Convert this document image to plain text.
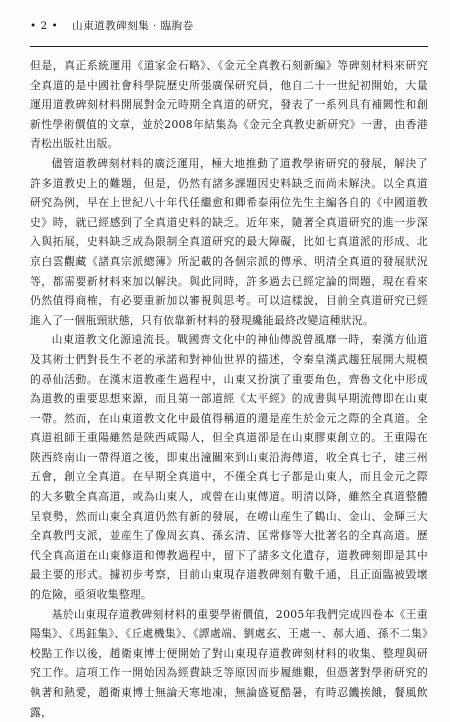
• 2 • 山東道教碑刻集 · 臨朐卷

但是，真正系統運用《道家金石略》、《金元全真教石刻新編》等碑刻材料來研究全真道的是中國社會科學院歷史所張廣保研究員，他自二十一世紀初開始，大量運用道教碑刻材料開展對金元時期全真道的研究，發表了一系列具有補闕性和創新性學術價值的文章，並於2008年結集為《金元全真教史新研究》一書，由香港青松出版社出版。

儘管道教碑刻材料的廣泛運用，極大地推動了道教學術研究的發展，解決了許多道教史上的難題，但是，仍然有諸多課題因史料缺乏而尚未解決。以全真道研究為例，早在上世紀八十年代任繼愈和卿希泰兩位先生主編各自的《中國道教史》時，就已經感到了全真道史料的缺乏。近年來，隨著全真道研究的進一步深入與拓展，史料缺乏成為限制全真道研究的最大障礙，比如七真道派的形成、北京白雲觀藏《諸真宗派總簿》所記載的各個宗派的傳承、明清全真道的發展狀況等，都需要新材料來加以解決。與此同時，許多過去已經定論的問題，現在看來仍然值得商榷，有必要重新加以審視與思考。可以這樣說，目前全真道研究已經進入了一個瓶頸狀態，只有依靠新材料的發現纔能最終改變這種狀況。

山東道教文化源遠流長。戰國齊文化中的神仙傳説曾風靡一時，秦漢方仙道及其術士們對長生不老的承諾和對神仙世界的描述，令秦皇漢武趨狂展開大規模的尋仙活動。在漢末道教產生過程中，山東又扮演了重要角色，齊魯文化中形成為道教的重要思想來源，而且第一部道經《太平經》的成書與早期流傳即在山東一帶。然而，在山東道教文化中最值得稱道的還是産生於金元之際的全真道。全真道祖師王重陽雖然是陝西咸陽人，但全真道卻是在山東膠東創立的。王重陽在陝西終南山一帶得道之後，即東出潼關來到山東沿海傳道，收全真七子，建三州五會，創立全真道。在早期全真道中，不僅全真七子都是山東人，而且金元之際的大多數全真高道，或為山東人，或曾在山東傳道。明清以降，雖然全真道整體呈衰勢，然而山東全真道仍然有新的發展，在嶗山産生了鶴山、金山、金輝三大全真教門支派，並産生了像周玄真、孫玄清、匡常修等大批著名的全真高道。歷代全真高道在山東修道和傳教過程中，留下了諸多文化遺存，道教碑刻即是其中最主要的形式。據初步考察，目前山東現存道教碑刻有數千通，且正面臨被毀壞的危險，亟須收集整理。

基於山東現存道教碑刻材料的重要學術價值，2005年我們完成四卷本《王重陽集》、《馬鈺集》、《丘處機集》、《譚處端、劉處玄、王處一、郝大通、孫不二集》校點工作以後，趙衛東博士便開始了對山東現存道教碑刻材料的收集、整理與研究工作。這項工作一開始因為經費缺乏等原因而步履維艱，但憑著對學術研究的執著和熱愛，趙衛東博士無論天寒地凍，無論盛夏酷暑，有時忍饑挨餓，餐風飲露，
